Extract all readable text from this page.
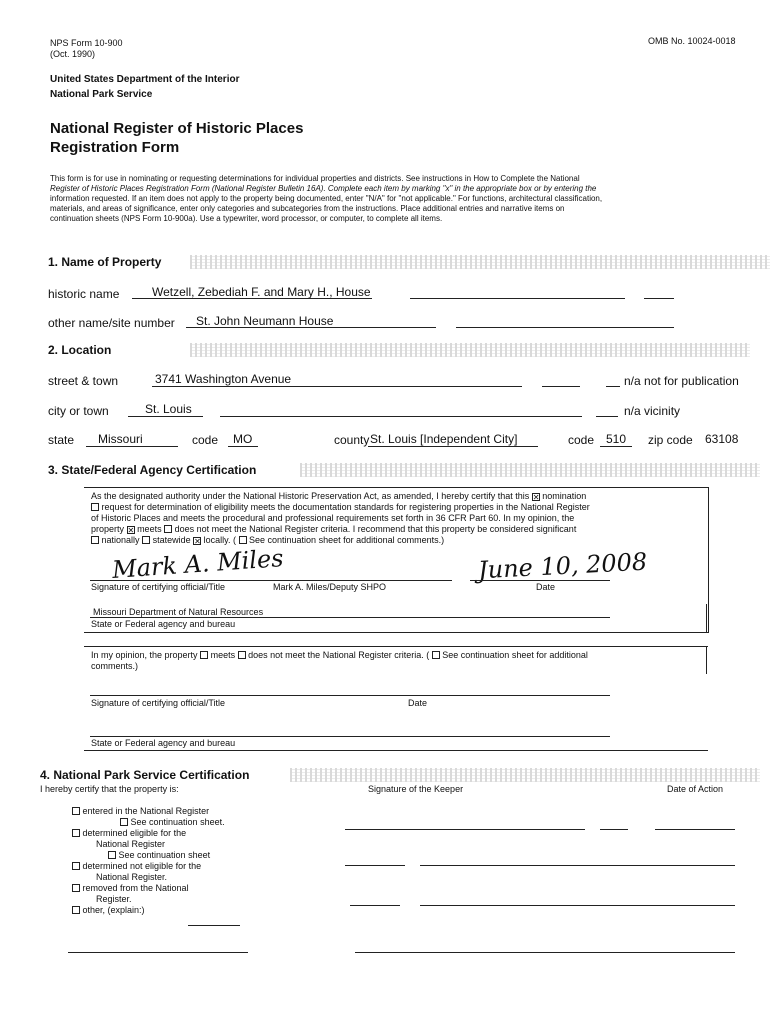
NPS Form 10-900
(Oct. 1990)
OMB No. 10024-0018
United States Department of the Interior
National Park Service
National Register of Historic Places
Registration Form
This form is for use in nominating or requesting determinations for individual properties and districts. See instructions in How to Complete the National
Register of Historic Places Registration Form (National Register Bulletin 16A). Complete each item by marking "x" in the appropriate box or by entering the
information requested. If an item does not apply to the property being documented, enter "N/A" for "not applicable." For functions, architectural classification,
materials, and areas of significance, enter only categories and subcategories from the instructions. Place additional entries and narrative items on
continuation sheets (NPS Form 10-900a). Use a typewriter, word processor, or computer, to complete all items.
1. Name of Property
historic name	Wetzell, Zebediah F. and Mary H., House
other name/site number St. John Neumann House
2. Location
street & town	3741 Washington Avenue	n/a not for publication
city or town	St. Louis	n/a vicinity
state Missouri	code MO	county St. Louis [Independent City]	code 510 zip code 63108
3. State/Federal Agency Certification
As the designated authority under the National Historic Preservation Act, as amended, I hereby certify that this ✕ nomination
request for determination of eligibility meets the documentation standards for registering properties in the National Register
of Historic Places and meets the procedural and professional requirements set forth in 36 CFR Part 60. In my opinion, the
property ✕ meets does not meet the National Register criteria. I recommend that this property be considered significant
nationally statewide ✕ locally. ( See continuation sheet for additional comments.)
Mark A. Miles	June 10, 2008
Signature of certifying official/Title	Mark A. Miles/Deputy SHPO	Date
Missouri Department of Natural Resources
State or Federal agency and bureau
In my opinion, the property meets does not meet the National Register criteria. ( See continuation sheet for additional
comments.)
Signature of certifying official/Title	Date
State or Federal agency and bureau
4. National Park Service Certification
I hereby certify that the property is:	Signature of the Keeper	Date of Action
entered in the National Register
See continuation sheet.
determined eligible for the
National Register
See continuation sheet
determined not eligible for the
National Register.
removed from the National
Register.
other, (explain:)
